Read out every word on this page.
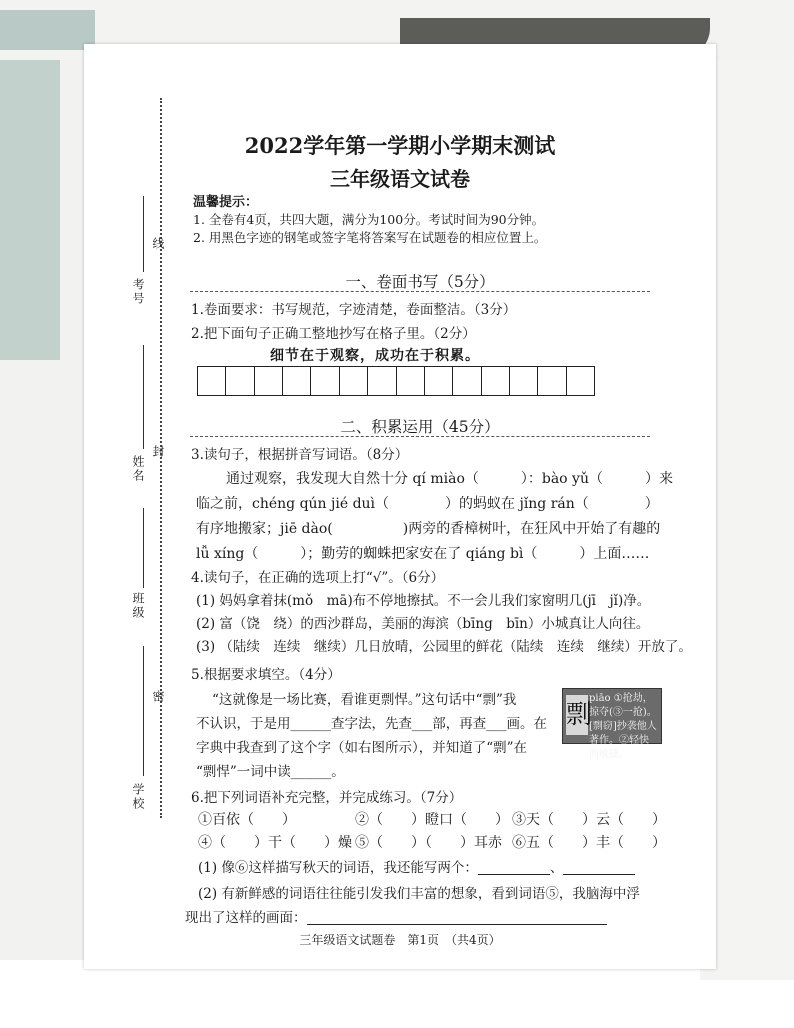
考号
线
姓名
封
班级
密
学校
2022学年第一学期小学期末测试
三年级语文试卷
温馨提示：
1. 全卷有4页，共四大题，满分为100分。考试时间为90分钟。
2. 用黑色字迹的钢笔或签字笔将答案写在试题卷的相应位置上。
一、卷面书写（5分）
1.卷面要求：书写规范，字迹清楚，卷面整洁。（3分）
2.把下面句子正确工整地抄写在格子里。（2分）
细节在于观察，成功在于积累。
二、积累运用（45分）
3.读句子，根据拼音写词语。（8分）
通过观察，我发现大自然十分 qí miào（　　　）：bào yǔ（　　　）来
临之前，chéng qún jié duì（　　　　）的蚂蚁在 jǐng rán（　　　　）
有序地搬家；jiē dào(　　　　　)两旁的香樟树叶，在狂风中开始了有趣的
lǚ xíng（　　　）；勤劳的蜘蛛把家安在了 qiáng bì（　　　）上面……
4.读句子，在正确的选项上打“√”。（6分）
(1) 妈妈拿着抹(mǒ　mā)布不停地擦拭。不一会儿我们家窗明几(jī　jǐ)净。
(2) 富（饶　绕）的西沙群岛，美丽的海滨（bīng　bīn）小城真让人向往。
(3) （陆续　连续　继续）几日放晴，公园里的鲜花（陆续　连续　继续）开放了。
5.根据要求填空。（4分）
“这就像是一场比赛，看谁更剽悍。”这句话中“剽”我
不认识，于是用______查字法，先查___部，再查___画。在
字典中我查到了这个字（如右图所示），并知道了“剽”在
“剽悍”一词中读______。
剽
piāo ①抢劫，掠夺(③一抢)。[剽窃]抄袭他人著作。②轻快而敏捷。
6.把下列词语补充完整，并完成练习。（7分）
①百依（　　）	②（　　）瞪口（　　） ③天（　　）云（　　）
④（　　）干（　　）燥 ⑤（　　）（　　）耳赤 ⑥五（　　）丰（　　）
(1) 像⑥这样描写秋天的词语，我还能写两个：	、
(2) 有新鲜感的词语往往能引发我们丰富的想象，看到词语⑤，我脑海中浮
现出了这样的画面：
三年级语文试题卷　第1页　（共4页）
